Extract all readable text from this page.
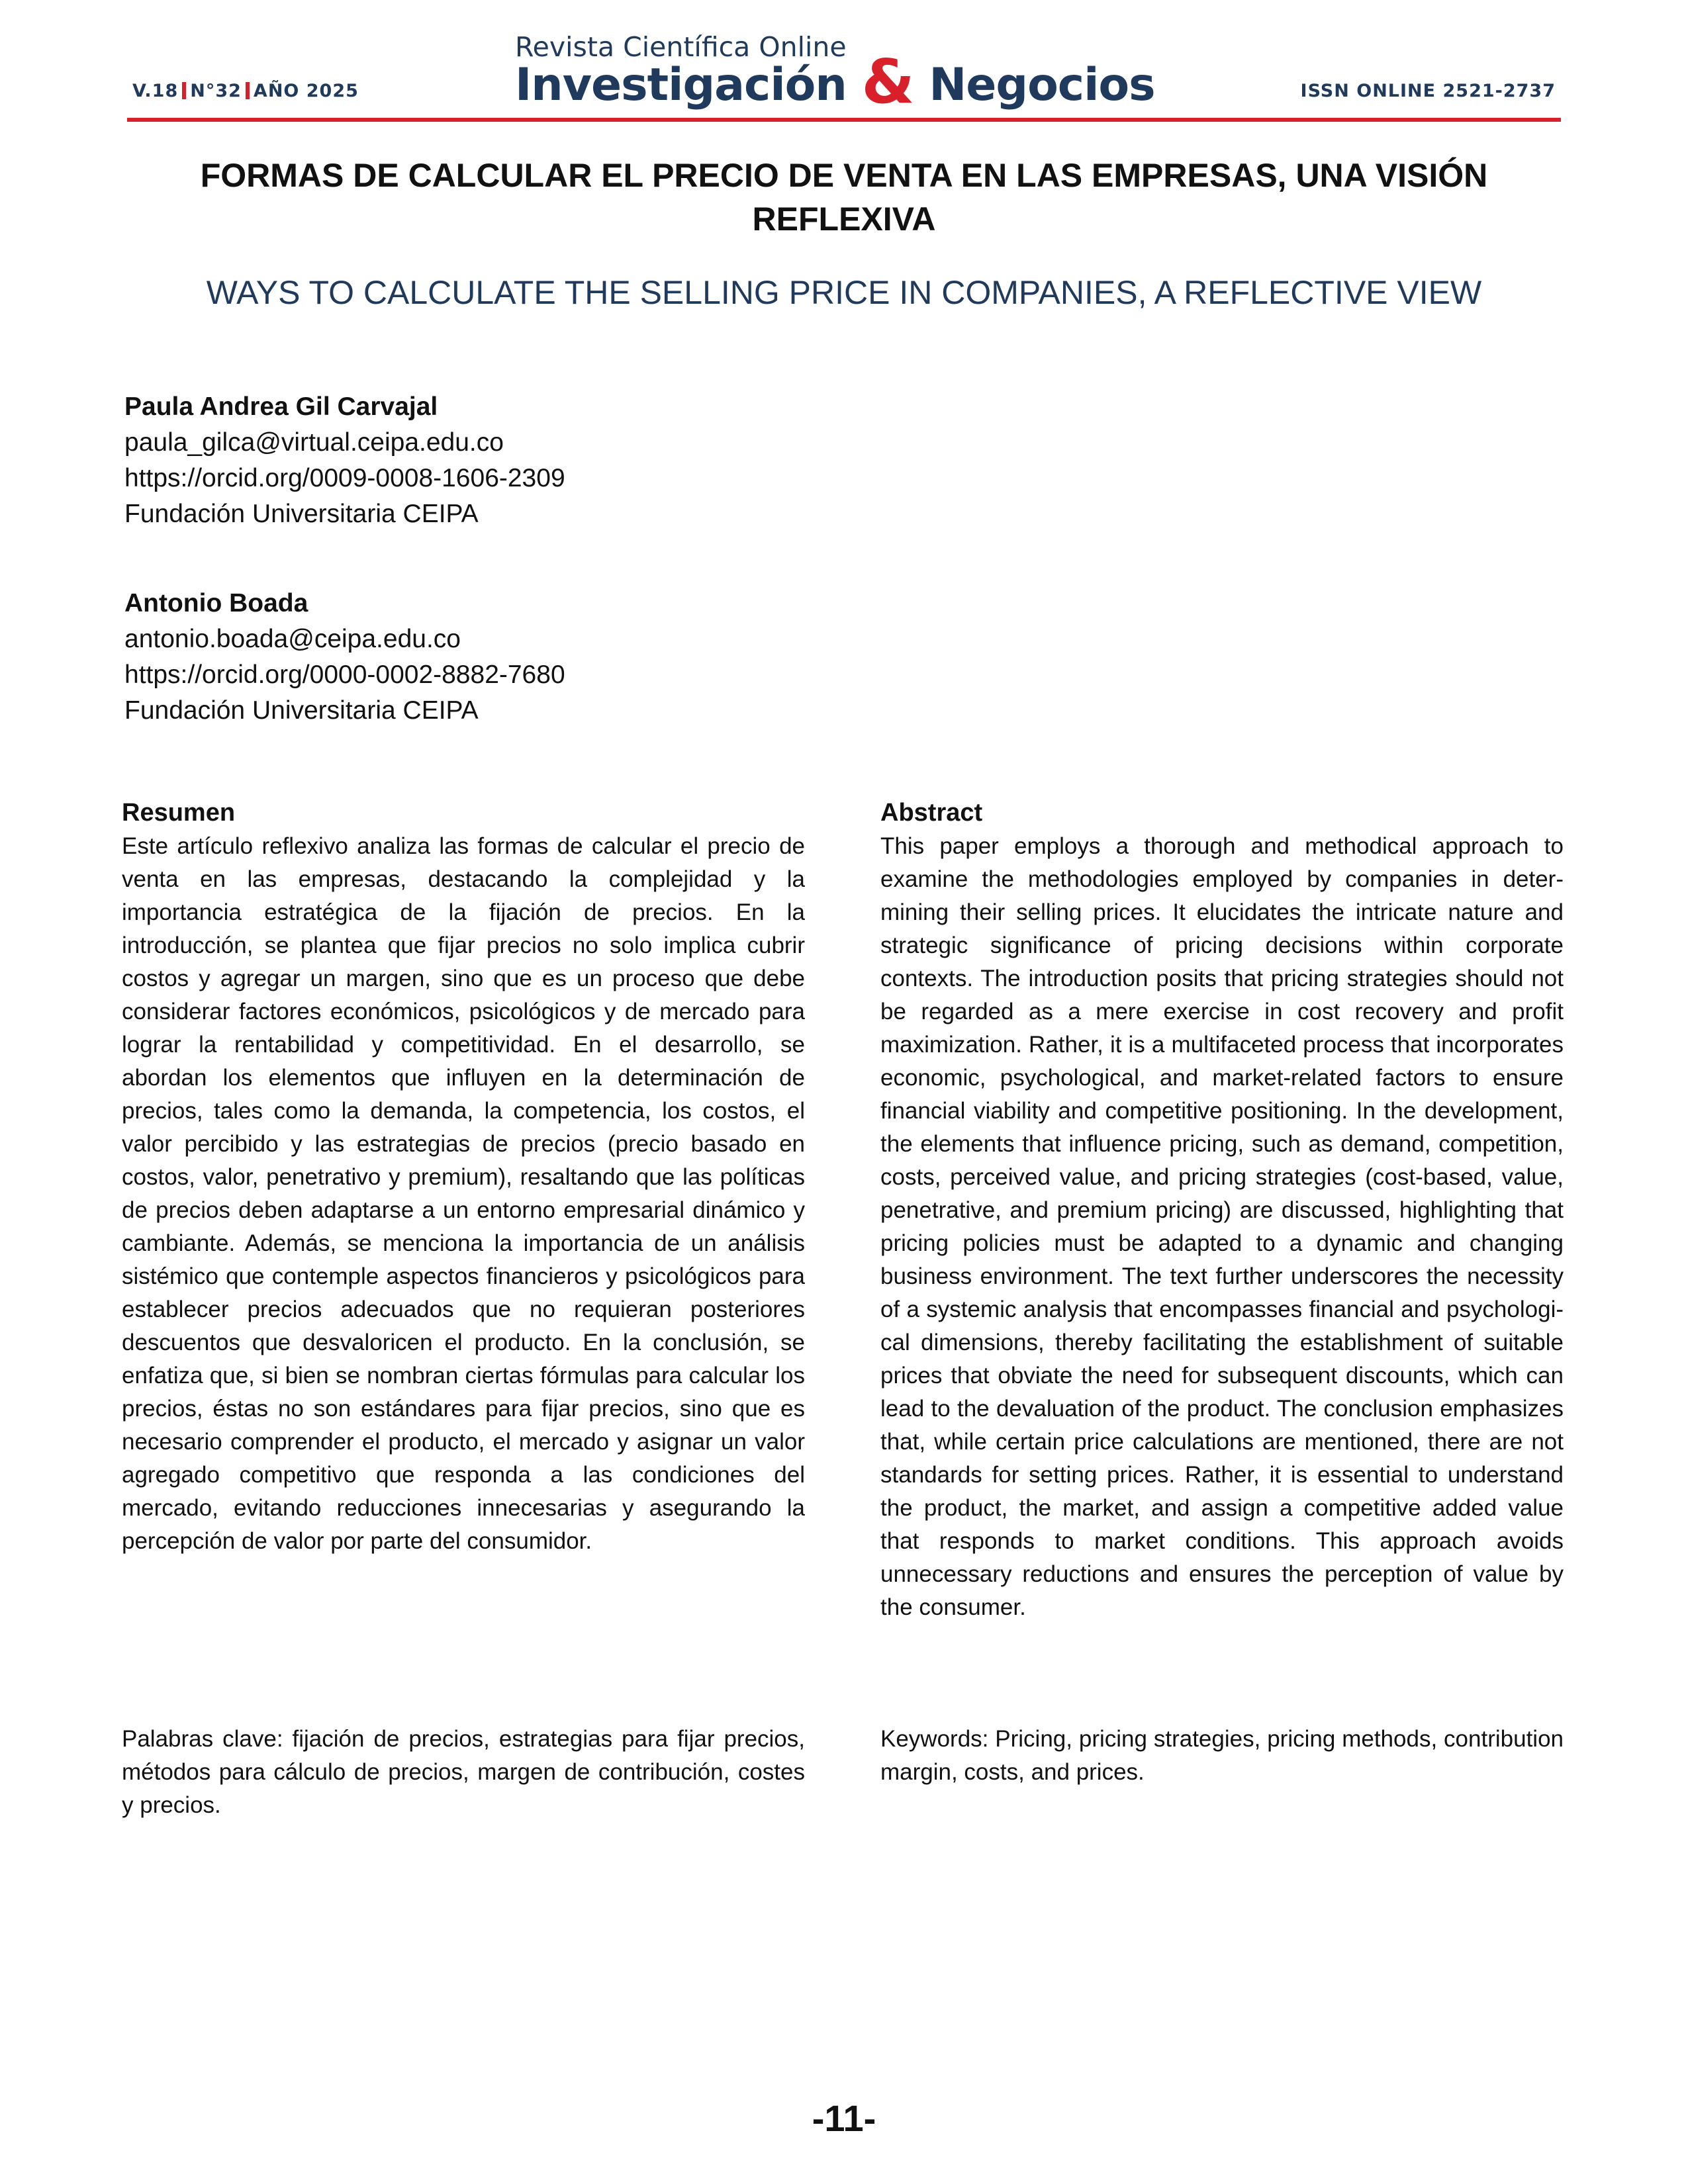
V.18 N°32 AÑO 2025
Revista Científica Online
Investigación & Negocios	ISSN ONLINE 2521-2737
FORMAS DE CALCULAR EL PRECIO DE VENTA EN LAS EMPRESAS, UNA VISIÓN REFLEXIVA
WAYS TO CALCULATE THE SELLING PRICE IN COMPANIES, A REFLECTIVE VIEW
Paula Andrea Gil Carvajal
paula_gilca@virtual.ceipa.edu.co
https://orcid.org/0009-0008-1606-2309
Fundación Universitaria CEIPA
Antonio Boada
antonio.boada@ceipa.edu.co
https://orcid.org/0000-0002-8882-7680
Fundación Universitaria CEIPA
Resumen

Este artículo reflexivo analiza las formas de calcular el precio de venta en las empresas, destacando la complejidad y la importancia estratégica de la fijación de precios. En la introducción, se plantea que fijar precios no solo implica cubrir costos y agregar un margen, sino que es un proceso que debe considerar factores económicos, psicológicos y de mercado para lograr la rentabilidad y competitividad. En el desarrollo, se abordan los elementos que influyen en la determinación de precios, tales como la demanda, la competencia, los costos, el valor percibido y las estrategias de precios (precio basado en costos, valor, penetrativo y premium), resaltando que las políticas de precios deben adaptarse a un entorno empresarial dinámico y cambiante. Además, se menciona la importancia de un análisis sistémico que contemple aspectos financieros y psicológicos para establecer precios adecuados que no requieran posteriores descuentos que desvaloricen el producto. En la conclusión, se enfatiza que, si bien se nombran ciertas fórmulas para calcular los precios, éstas no son estándares para fijar precios, sino que es necesario comprender el producto, el mercado y asignar un valor agregado competitivo que responda a las condiciones del mercado, evitando reducciones innecesarias y asegurando la percepción de valor por parte del consumidor.

Abstract

This paper employs a thorough and methodical approach to examine the methodologies employed by companies in determining their selling prices. It elucidates the intricate nature and strategic significance of pricing decisions within corporate contexts. The introduction posits that pricing strategies should not be regarded as a mere exercise in cost recovery and profit maximization. Rather, it is a multifaceted process that incorporates economic, psychological, and market-related factors to ensure financial viability and competitive positioning. In the development, the elements that influence pricing, such as demand, competition, costs, perceived value, and pricing strategies (cost-based, value, penetrative, and premium pricing) are discussed, highlighting that pricing policies must be adapted to a dynamic and changing business environment. The text further underscores the necessity of a systemic analysis that encompasses financial and psychological dimensions, thereby facilitating the establishment of suitable prices that obviate the need for subsequent discounts, which can lead to the devaluation of the product. The conclusion emphasizes that, while certain price calculations are mentioned, there are not standards for setting prices. Rather, it is essential to understand the product, the market, and assign a competitive added value that responds to market conditions. This approach avoids unnecessary reductions and ensures the perception of value by the consumer.

Palabras clave: fijación de precios, estrategias para fijar precios, métodos para cálculo de precios, margen de contribución, costes y precios.

Keywords: Pricing, pricing strategies, pricing methods, contribution margin, costs, and prices.

-11-
